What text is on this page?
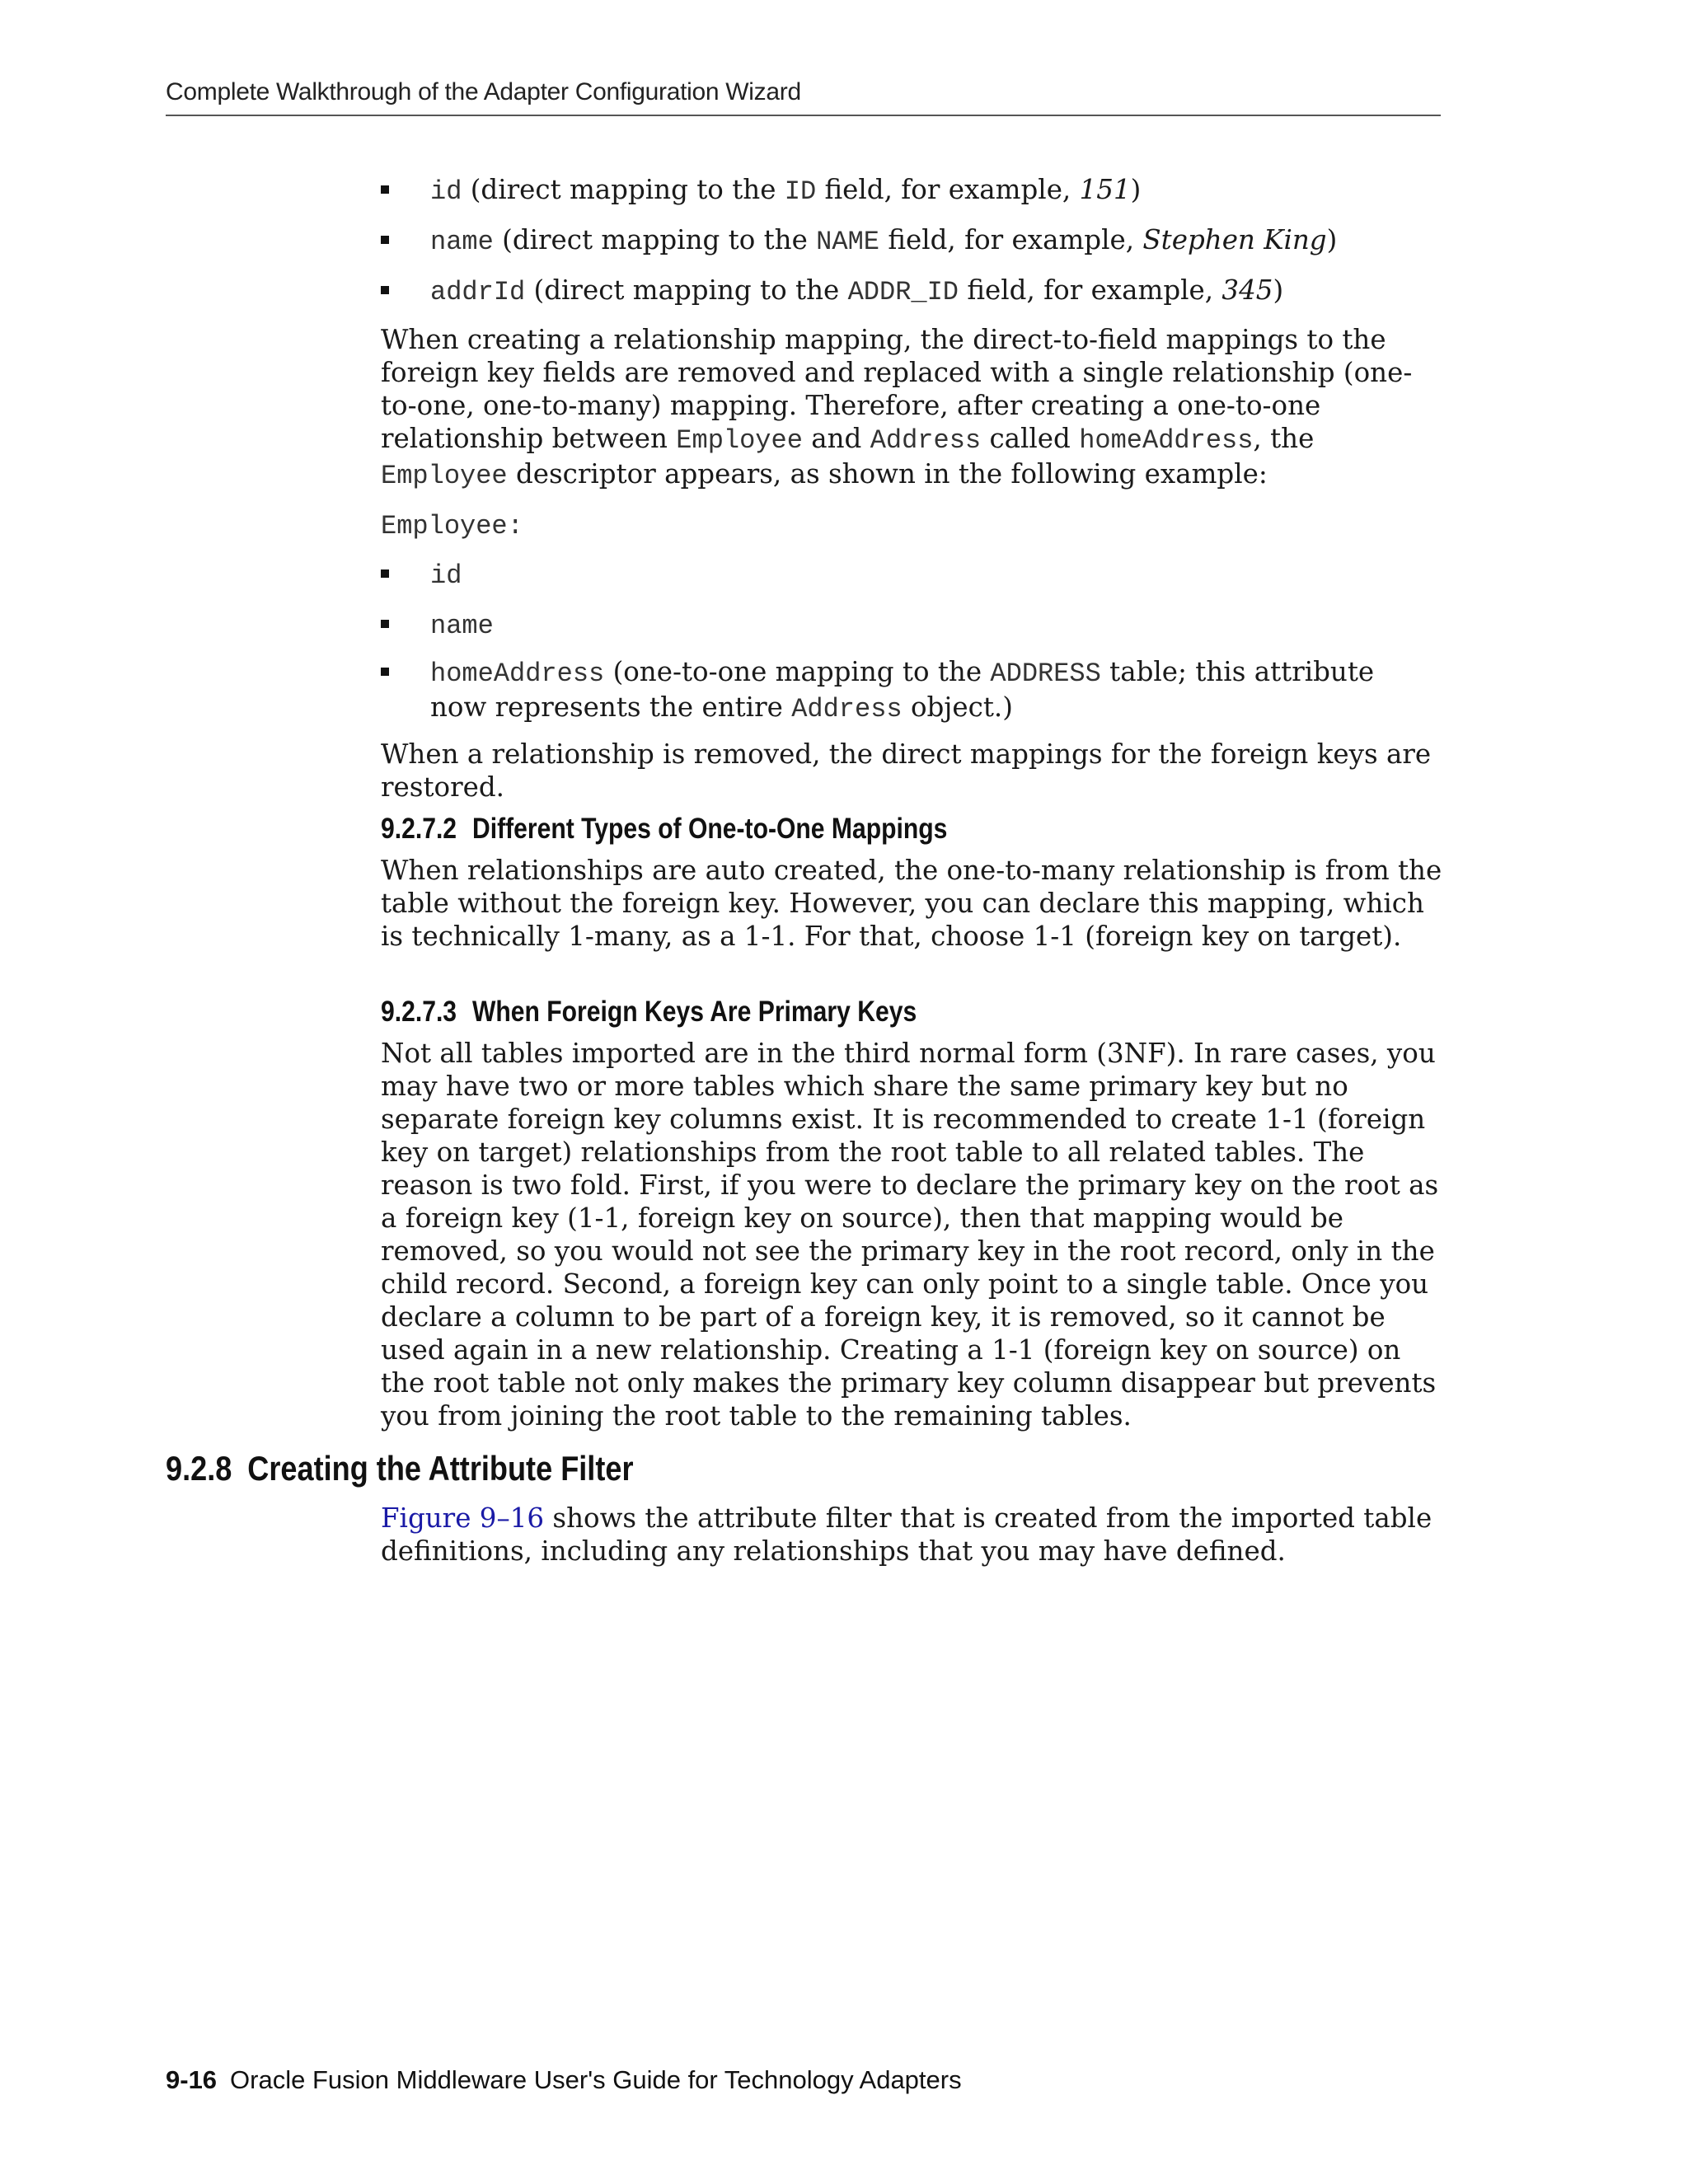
Complete Walkthrough of the Adapter Configuration Wizard
id (direct mapping to the ID field, for example, 151)
name (direct mapping to the NAME field, for example, Stephen King)
addrId (direct mapping to the ADDR_ID field, for example, 345)

When creating a relationship mapping, the direct-to-field mappings to the foreign key fields are removed and replaced with a single relationship (one-to-one, one-to-many) mapping. Therefore, after creating a one-to-one relationship between Employee and Address called homeAddress, the Employee descriptor appears, as shown in the following example:

Employee:
id
name
homeAddress (one-to-one mapping to the ADDRESS table; this attribute now represents the entire Address object.)

When a relationship is removed, the direct mappings for the foreign keys are restored.

9.2.7.2 Different Types of One-to-One Mappings

When relationships are auto created, the one-to-many relationship is from the table without the foreign key. However, you can declare this mapping, which is technically 1-many, as a 1-1. For that, choose 1-1 (foreign key on target).

9.2.7.3 When Foreign Keys Are Primary Keys

Not all tables imported are in the third normal form (3NF). In rare cases, you may have two or more tables which share the same primary key but no separate foreign key columns exist. It is recommended to create 1-1 (foreign key on target) relationships from the root table to all related tables. The reason is two fold. First, if you were to declare the primary key on the root as a foreign key (1-1, foreign key on source), then that mapping would be removed, so you would not see the primary key in the root record, only in the child record. Second, a foreign key can only point to a single table. Once you declare a column to be part of a foreign key, it is removed, so it cannot be used again in a new relationship. Creating a 1-1 (foreign key on source) on the root table not only makes the primary key column disappear but prevents you from joining the root table to the remaining tables.

9.2.8 Creating the Attribute Filter

Figure 9–16 shows the attribute filter that is created from the imported table definitions, including any relationships that you may have defined.

9-16 Oracle Fusion Middleware User's Guide for Technology Adapters
